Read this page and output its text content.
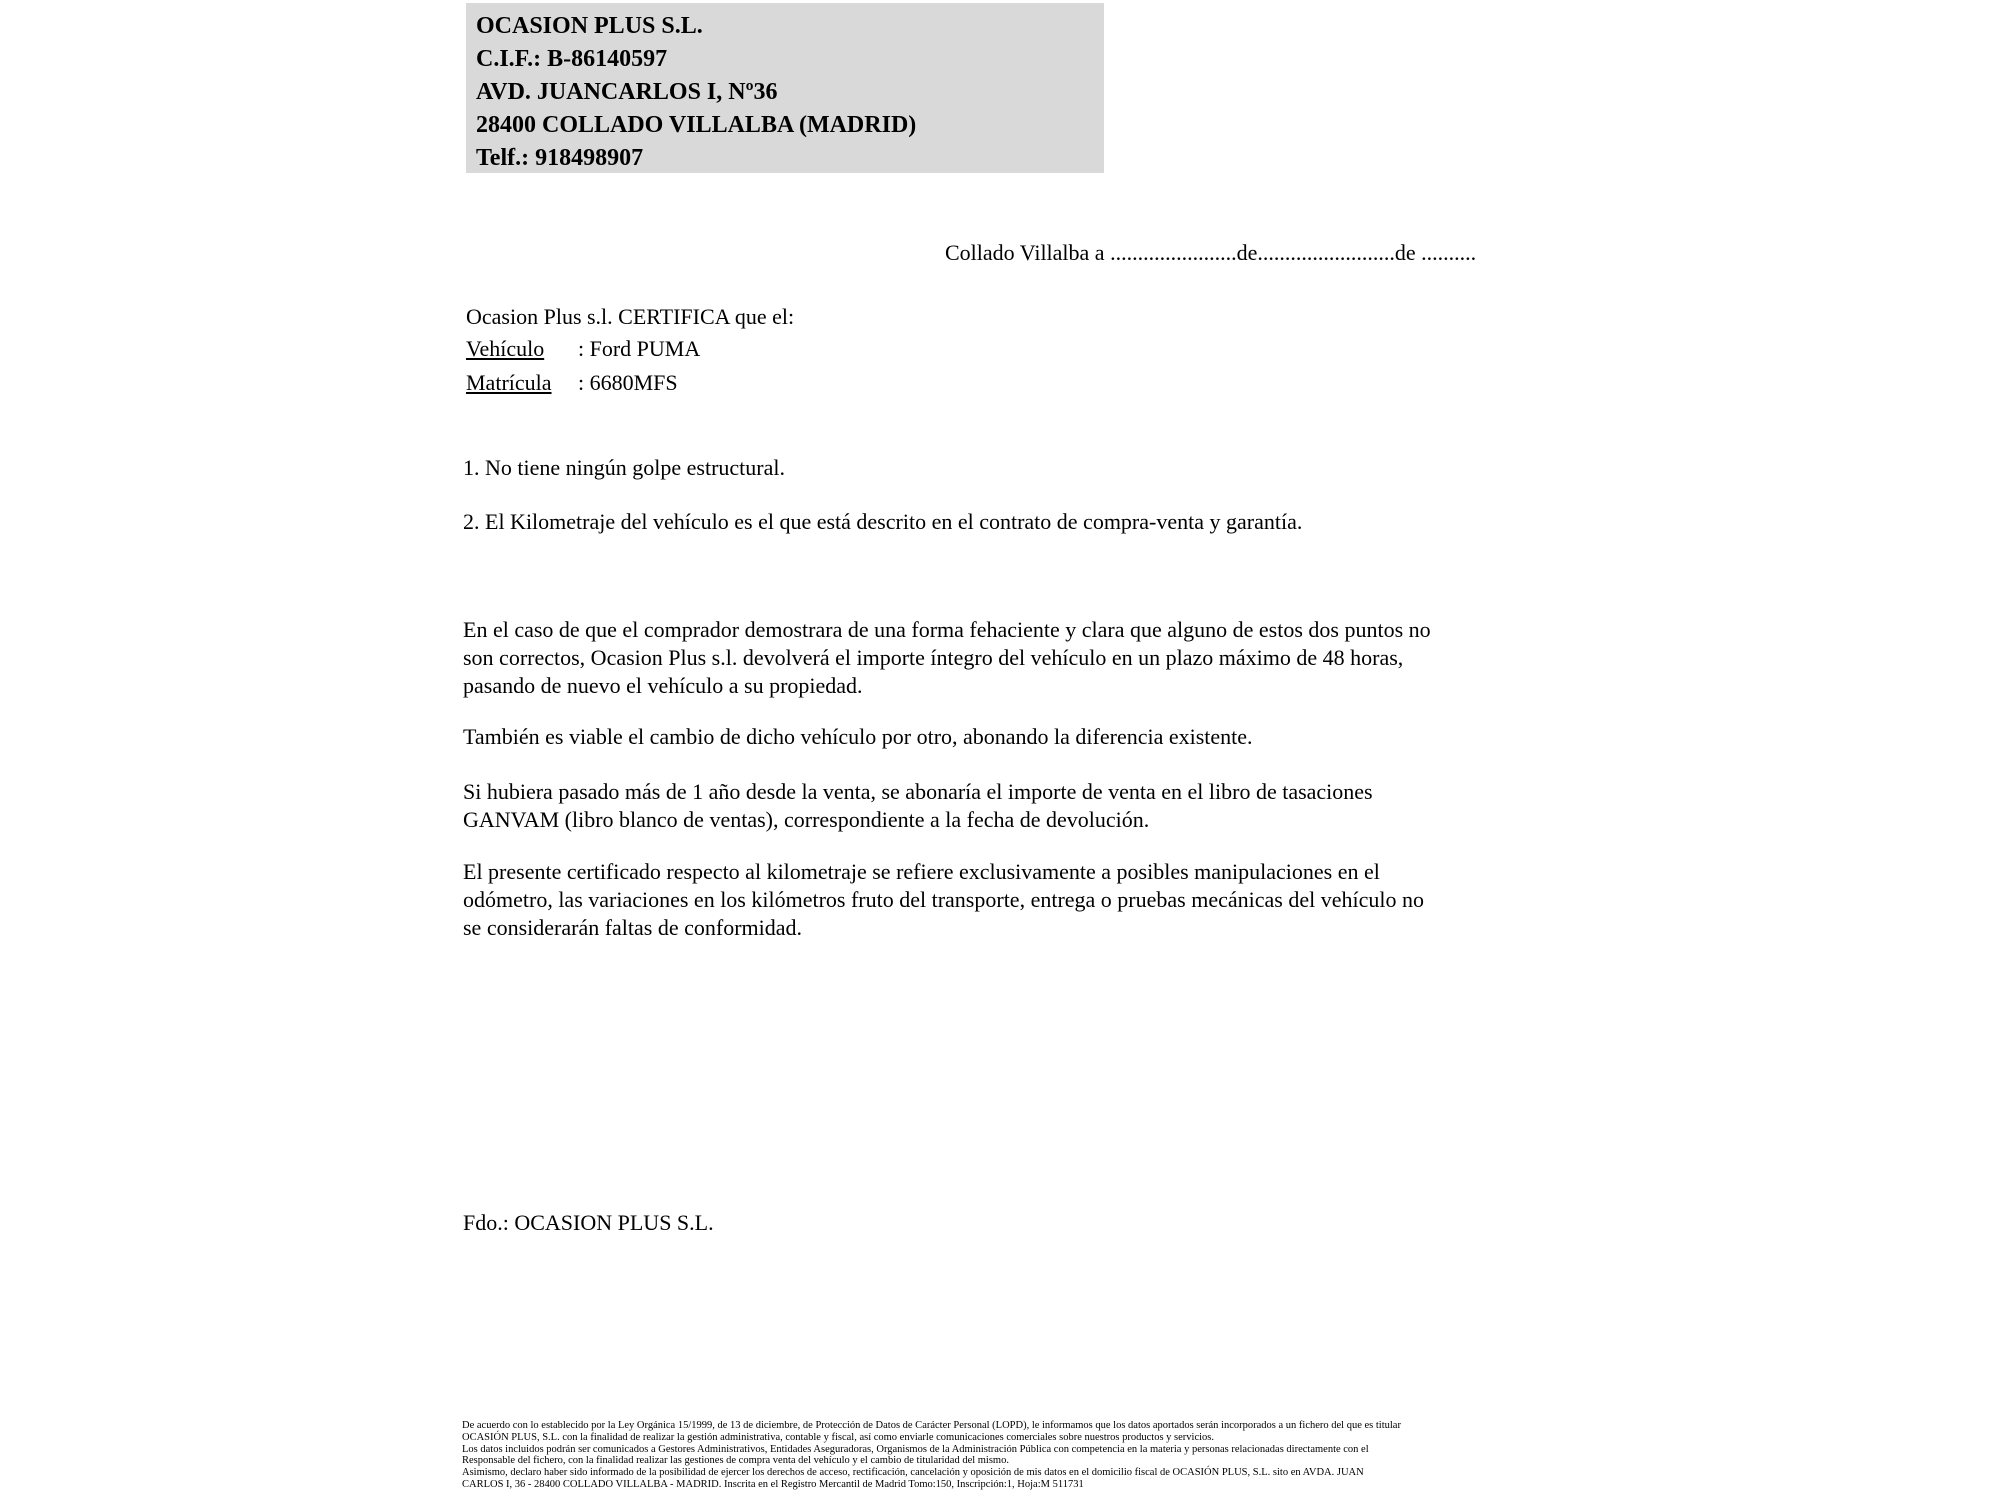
OCASION PLUS S.L.
C.I.F.: B-86140597
AVD. JUANCARLOS I, Nº36
28400 COLLADO VILLALBA (MADRID)
Telf.: 918498907
Collado Villalba a .......................de.........................de ..........
Ocasion Plus s.l. CERTIFICA que el:
Vehículo : Ford PUMA
Matrícula : 6680MFS
1. No tiene ningún golpe estructural.
2. El Kilometraje del vehículo es el que está descrito en el contrato de compra-venta y garantía.
En el caso de que el comprador demostrara de una forma fehaciente y clara que alguno de estos dos puntos no
son correctos, Ocasion Plus s.l. devolverá el importe íntegro del vehículo en un plazo máximo de 48 horas,
pasando de nuevo el vehículo a su propiedad.
También es viable el cambio de dicho vehículo por otro, abonando la diferencia existente.
Si hubiera pasado más de 1 año desde la venta, se abonaría el importe de venta en el libro de tasaciones
GANVAM (libro blanco de ventas), correspondiente a la fecha de devolución.
El presente certificado respecto al kilometraje se refiere exclusivamente a posibles manipulaciones en el
odómetro, las variaciones en los kilómetros fruto del transporte, entrega o pruebas mecánicas del vehículo no
se considerarán faltas de conformidad.
Fdo.: OCASION PLUS S.L.
De acuerdo con lo establecido por la Ley Orgánica 15/1999, de 13 de diciembre, de Protección de Datos de Carácter Personal (LOPD), le informamos que los datos aportados serán incorporados a un fichero del que es titular
OCASIÓN PLUS, S.L. con la finalidad de realizar la gestión administrativa, contable y fiscal, así como enviarle comunicaciones comerciales sobre nuestros productos y servicios.
Los datos incluidos podrán ser comunicados a Gestores Administrativos, Entidades Aseguradoras, Organismos de la Administración Pública con competencia en la materia y personas relacionadas directamente con el
Responsable del fichero, con la finalidad realizar las gestiones de compra venta del vehículo y el cambio de titularidad del mismo.
Asimismo, declaro haber sido informado de la posibilidad de ejercer los derechos de acceso, rectificación, cancelación y oposición de mis datos en el domicilio fiscal de OCASIÓN PLUS, S.L. sito en AVDA. JUAN
CARLOS I, 36 - 28400 COLLADO VILLALBA - MADRID. Inscrita en el Registro Mercantil de Madrid Tomo:150, Inscripción:1, Hoja:M 511731
